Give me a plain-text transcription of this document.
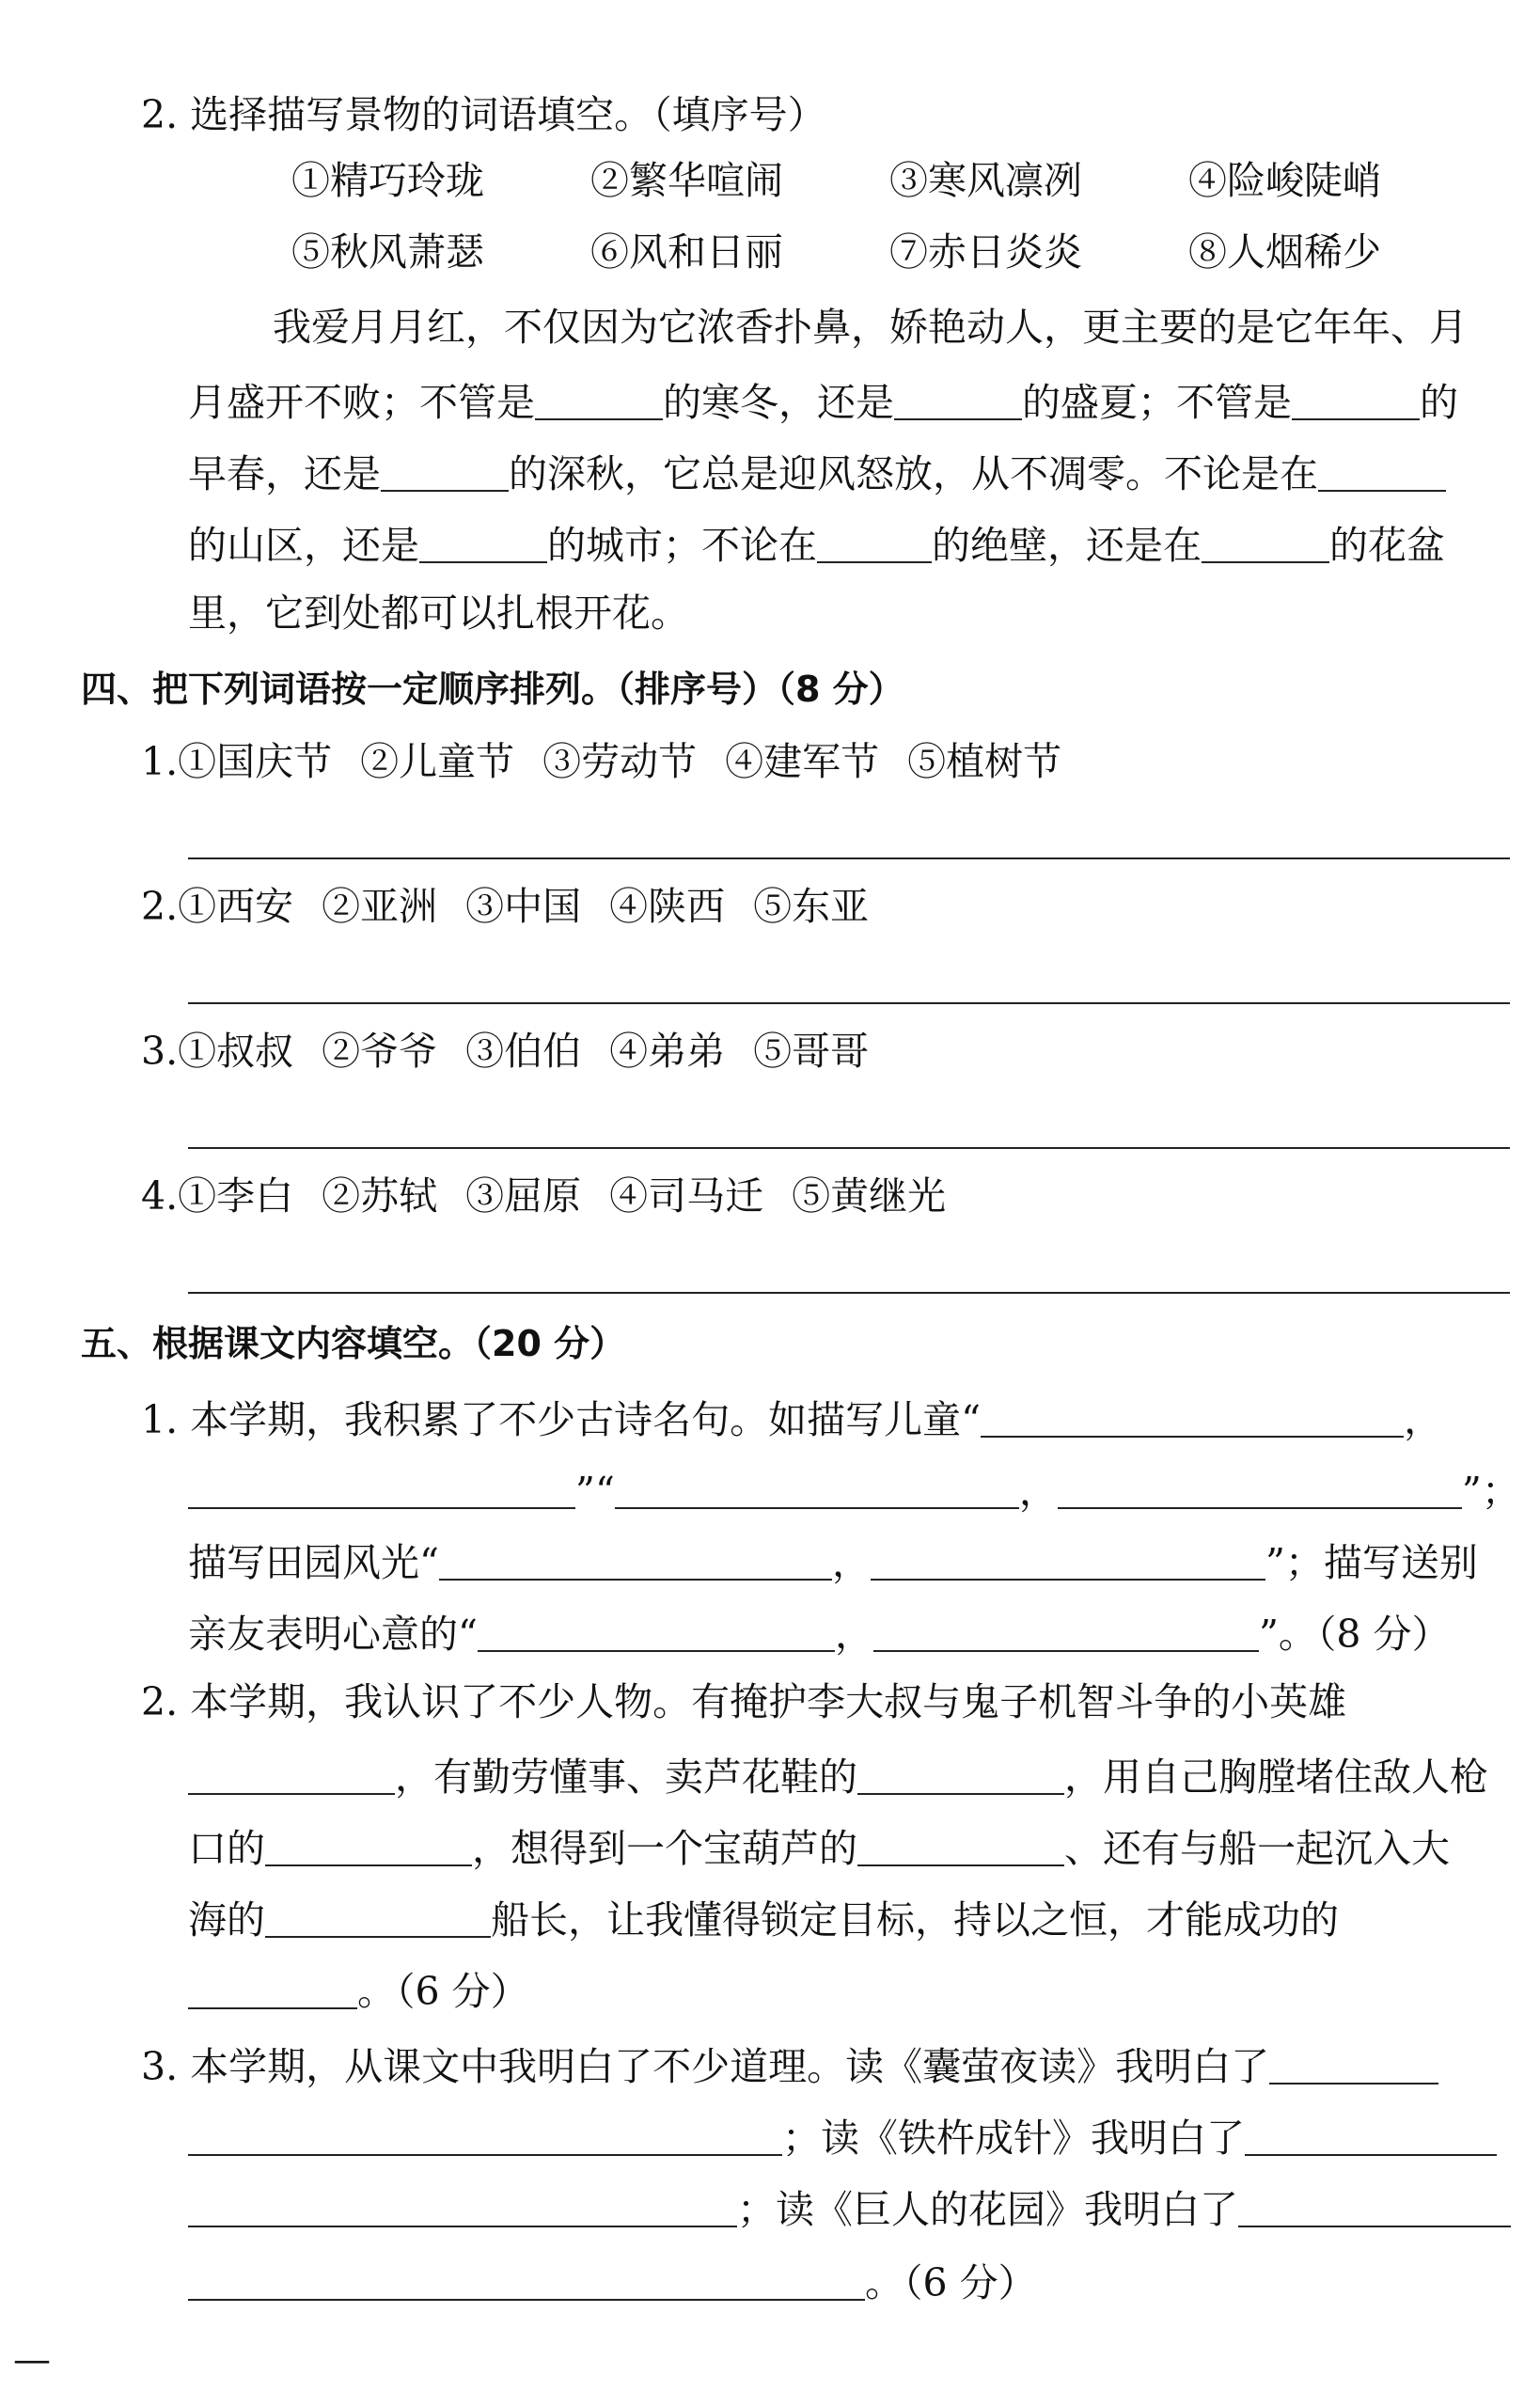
2. 选择描写景物的词语填空。（填序号）
①精巧玲珑	②繁华喧闹	③寒风凛冽	④险峻陡峭
⑤秋风萧瑟	⑥风和日丽	⑦赤日炎炎	⑧人烟稀少
我爱月月红，不仅因为它浓香扑鼻，娇艳动人，更主要的是它年年、月
月盛开不败；不管是	的寒冬，还是	的盛夏；不管是	的
早春，还是	的深秋，它总是迎风怒放，从不凋零。不论是在
的山区，还是	的城市；不论在	的绝壁，还是在	的花盆
里，它到处都可以扎根开花。
四、把下列词语按一定顺序排列。（排序号）（8 分）
1.①国庆节 ②儿童节 ③劳动节 ④建军节 ⑤植树节
2.①西安 ②亚洲 ③中国 ④陕西 ⑤东亚
3.①叔叔 ②爷爷 ③伯伯 ④弟弟 ⑤哥哥
4.①李白 ②苏轼 ③屈原 ④司马迁 ⑤黄继光
五、根据课文内容填空。（20 分）
1. 本学期，我积累了不少古诗名句。如描写儿童“	，
”“	，	”；
描写田园风光“	，	”；描写送别
亲友表明心意的“	，	”。（8 分）
2. 本学期，我认识了不少人物。有掩护李大叔与鬼子机智斗争的小英雄
，有勤劳懂事、卖芦花鞋的	，用自己胸膛堵住敌人枪
口的	，想得到一个宝葫芦的	、还有与船一起沉入大
海的	船长，让我懂得锁定目标，持以之恒，才能成功的
。（6 分）
3. 本学期，从课文中我明白了不少道理。读《囊萤夜读》我明白了
；读《铁杵成针》我明白了
；读《巨人的花园》我明白了
。（6 分）
—
